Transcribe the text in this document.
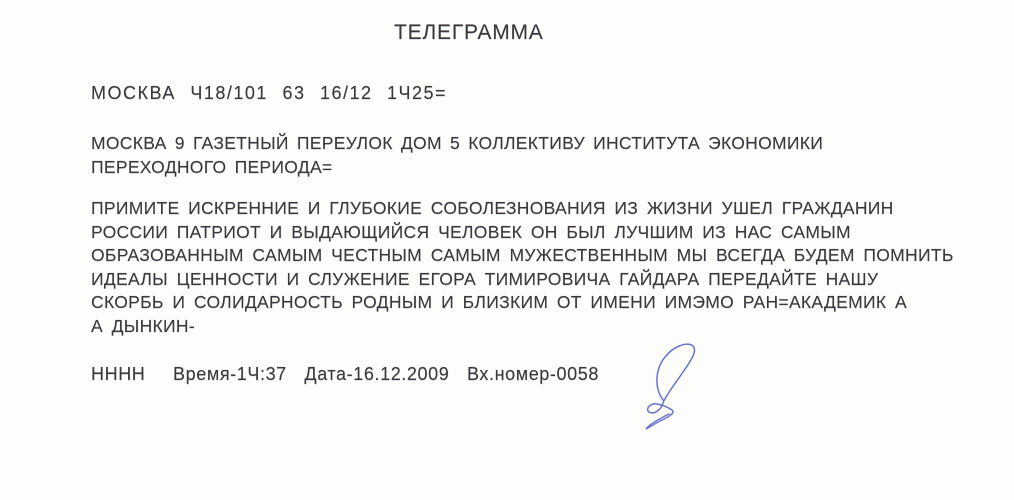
ТЕЛЕГРАММА
МОСКВА Ч18/101 63 16/12 1Ч25=
МОСКВА 9 ГАЗЕТНЫЙ ПЕРЕУЛОК ДОМ 5 КОЛЛЕКТИВУ ИНСТИТУТА ЭКОНОМИКИ
ПЕРЕХОДНОГО ПЕРИОДА=
ПРИМИТЕ ИСКРЕННИЕ И ГЛУБОКИЕ СОБОЛЕЗНОВАНИЯ ИЗ ЖИЗНИ УШЕЛ ГРАЖДАНИН
РОССИИ ПАТРИОТ И ВЫДАЮЩИЙСЯ ЧЕЛОВЕК ОН БЫЛ ЛУЧШИМ ИЗ НАС САМЫМ
ОБРАЗОВАННЫМ САМЫМ ЧЕСТНЫМ САМЫМ МУЖЕСТВЕННЫМ МЫ ВСЕГДА БУДЕМ ПОМНИТЬ
ИДЕАЛЫ ЦЕННОСТИ И СЛУЖЕНИЕ ЕГОРА ТИМИРОВИЧА ГАЙДАРА ПЕРЕДАЙТЕ НАШУ
СКОРБЬ И СОЛИДАРНОСТЬ РОДНЫМ И БЛИЗКИМ ОТ ИМЕНИ ИМЭМО РАН=АКАДЕМИК А
А ДЫНКИН-
НННН Время-1Ч:37 Дата-16.12.2009 Вх.номер-0058
